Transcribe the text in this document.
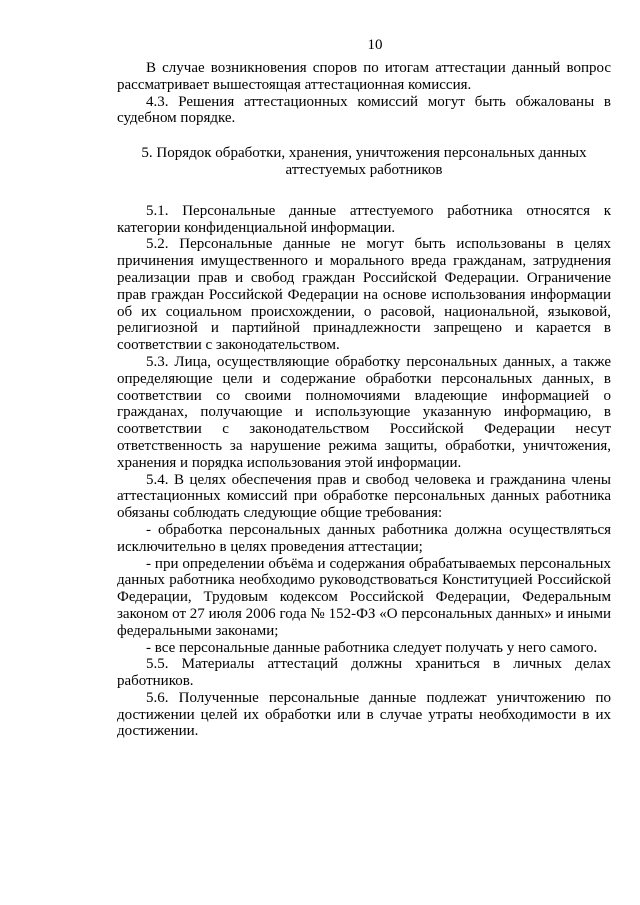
10

В случае возникновения споров по итогам аттестации данный вопрос рассматривает вышестоящая аттестационная комиссия.

4.3. Решения аттестационных комиссий могут быть обжалованы в судебном порядке.

5. Порядок обработки, хранения, уничтожения персональных данных
аттестуемых работников

5.1. Персональные данные аттестуемого работника относятся к категории конфиденциальной информации.

5.2. Персональные данные не могут быть использованы в целях причинения имущественного и морального вреда гражданам, затруднения реализации прав и свобод граждан Российской Федерации. Ограничение прав граждан Российской Федерации на основе использования информации об их социальном происхождении, о расовой, национальной, языковой, религиозной и партийной принадлежности запрещено и карается в соответствии с законодательством.

5.3. Лица, осуществляющие обработку персональных данных, а также определяющие цели и содержание обработки персональных данных, в соответствии со своими полномочиями владеющие информацией о гражданах, получающие и использующие указанную информацию, в соответствии с законодательством Российской Федерации несут ответственность за нарушение режима защиты, обработки, уничтожения, хранения и порядка использования этой информации.

5.4. В целях обеспечения прав и свобод человека и гражданина члены аттестационных комиссий при обработке персональных данных работника обязаны соблюдать следующие общие требования:

- обработка персональных данных работника должна осуществляться исключительно в целях проведения аттестации;

- при определении объёма и содержания обрабатываемых персональных данных работника необходимо руководствоваться Конституцией Российской Федерации, Трудовым кодексом Российской Федерации, Федеральным законом от 27 июля 2006 года № 152-ФЗ «О персональных данных» и иными федеральными законами;

- все персональные данные работника следует получать у него самого.

5.5. Материалы аттестаций должны храниться в личных делах работников.

5.6. Полученные персональные данные подлежат уничтожению по достижении целей их обработки или в случае утраты необходимости в их достижении.
